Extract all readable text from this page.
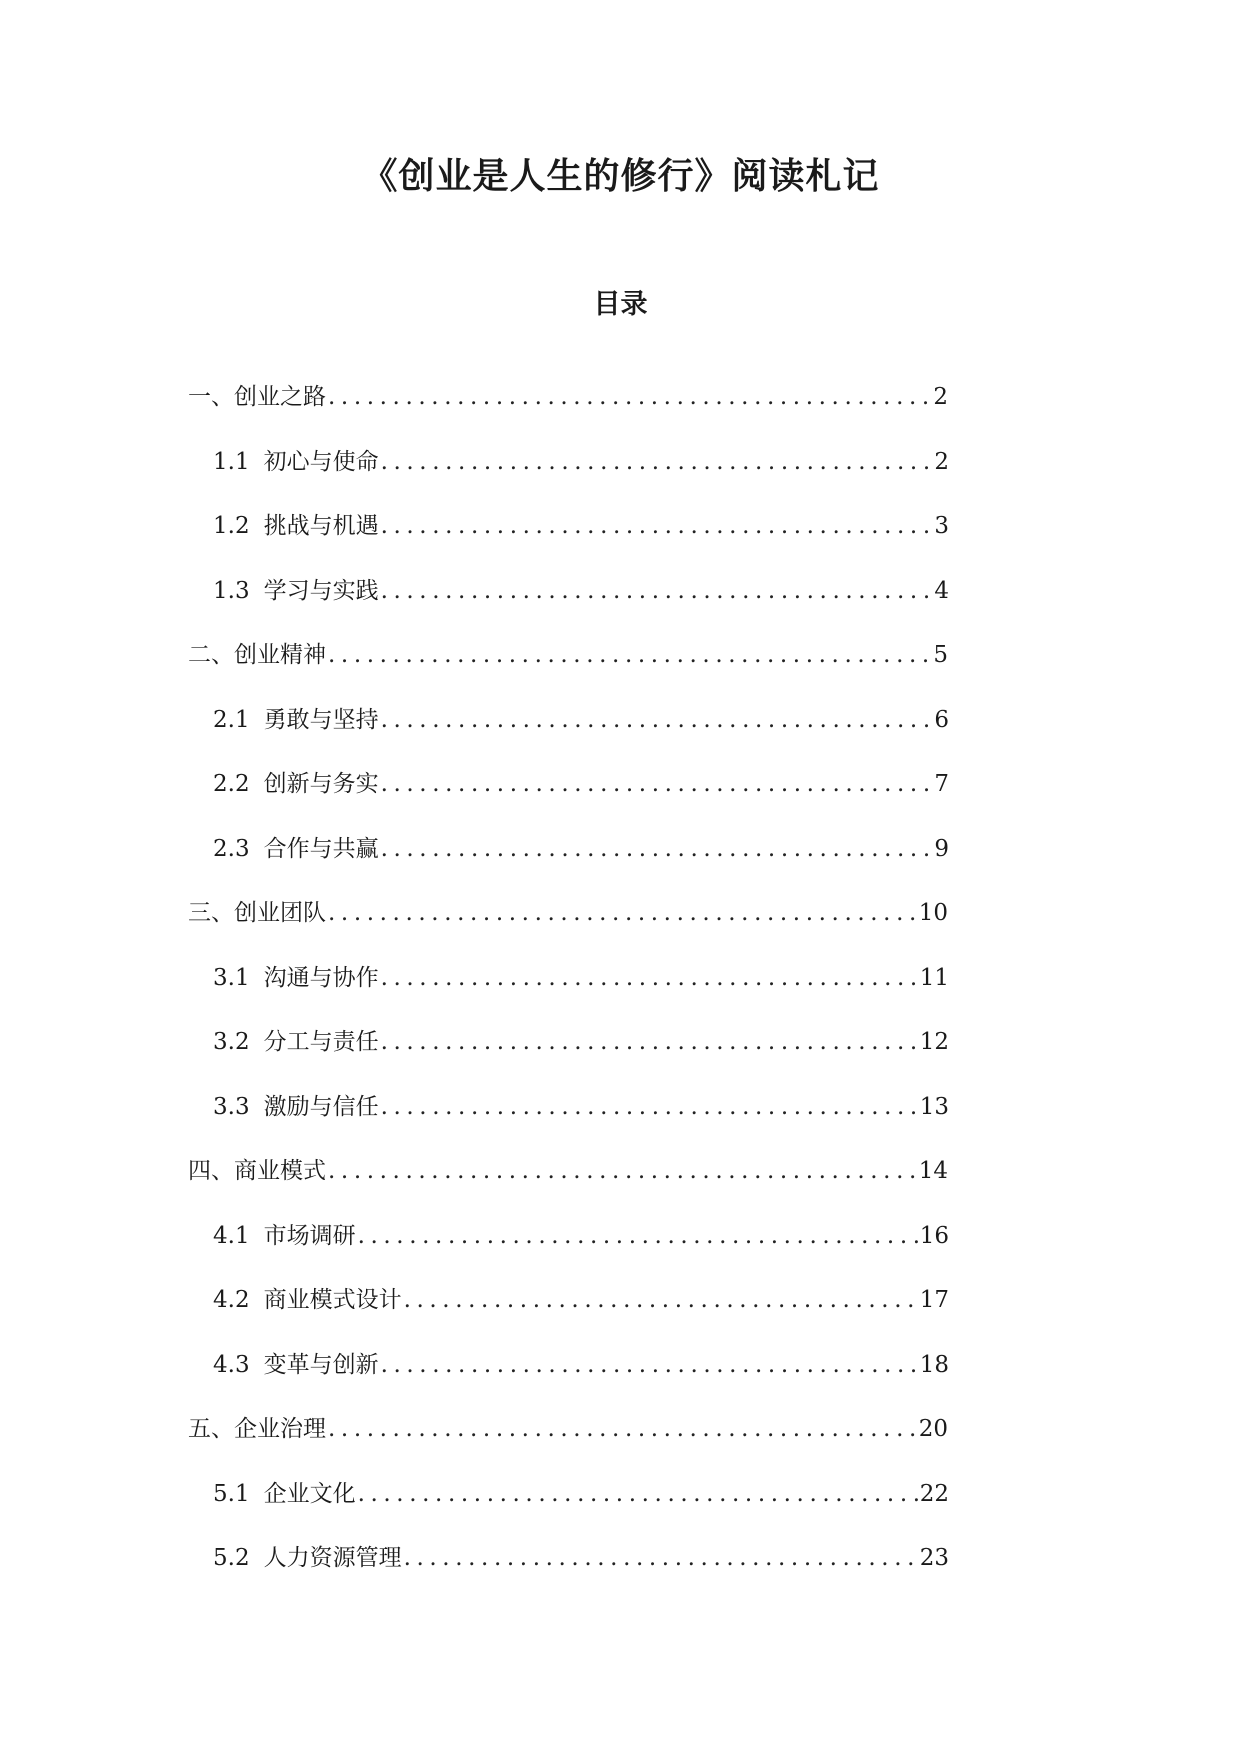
《创业是人生的修行》阅读札记
目录
一、创业之路 .....	2
1.1 初心与使命 .....	2
1.2 挑战与机遇 .....	3
1.3 学习与实践 .....	4
二、创业精神 .....	5
2.1 勇敢与坚持 .....	6
2.2 创新与务实 .....	7
2.3 合作与共赢 .....	9
三、创业团队 .....	10
3.1 沟通与协作 .....	11
3.2 分工与责任 .....	12
3.3 激励与信任 .....	13
四、商业模式 .....	14
4.1 市场调研 .....	16
4.2 商业模式设计 .....	17
4.3 变革与创新 .....	18
五、企业治理 .....	20
5.1 企业文化 .....	22
5.2 人力资源管理 .....	23
